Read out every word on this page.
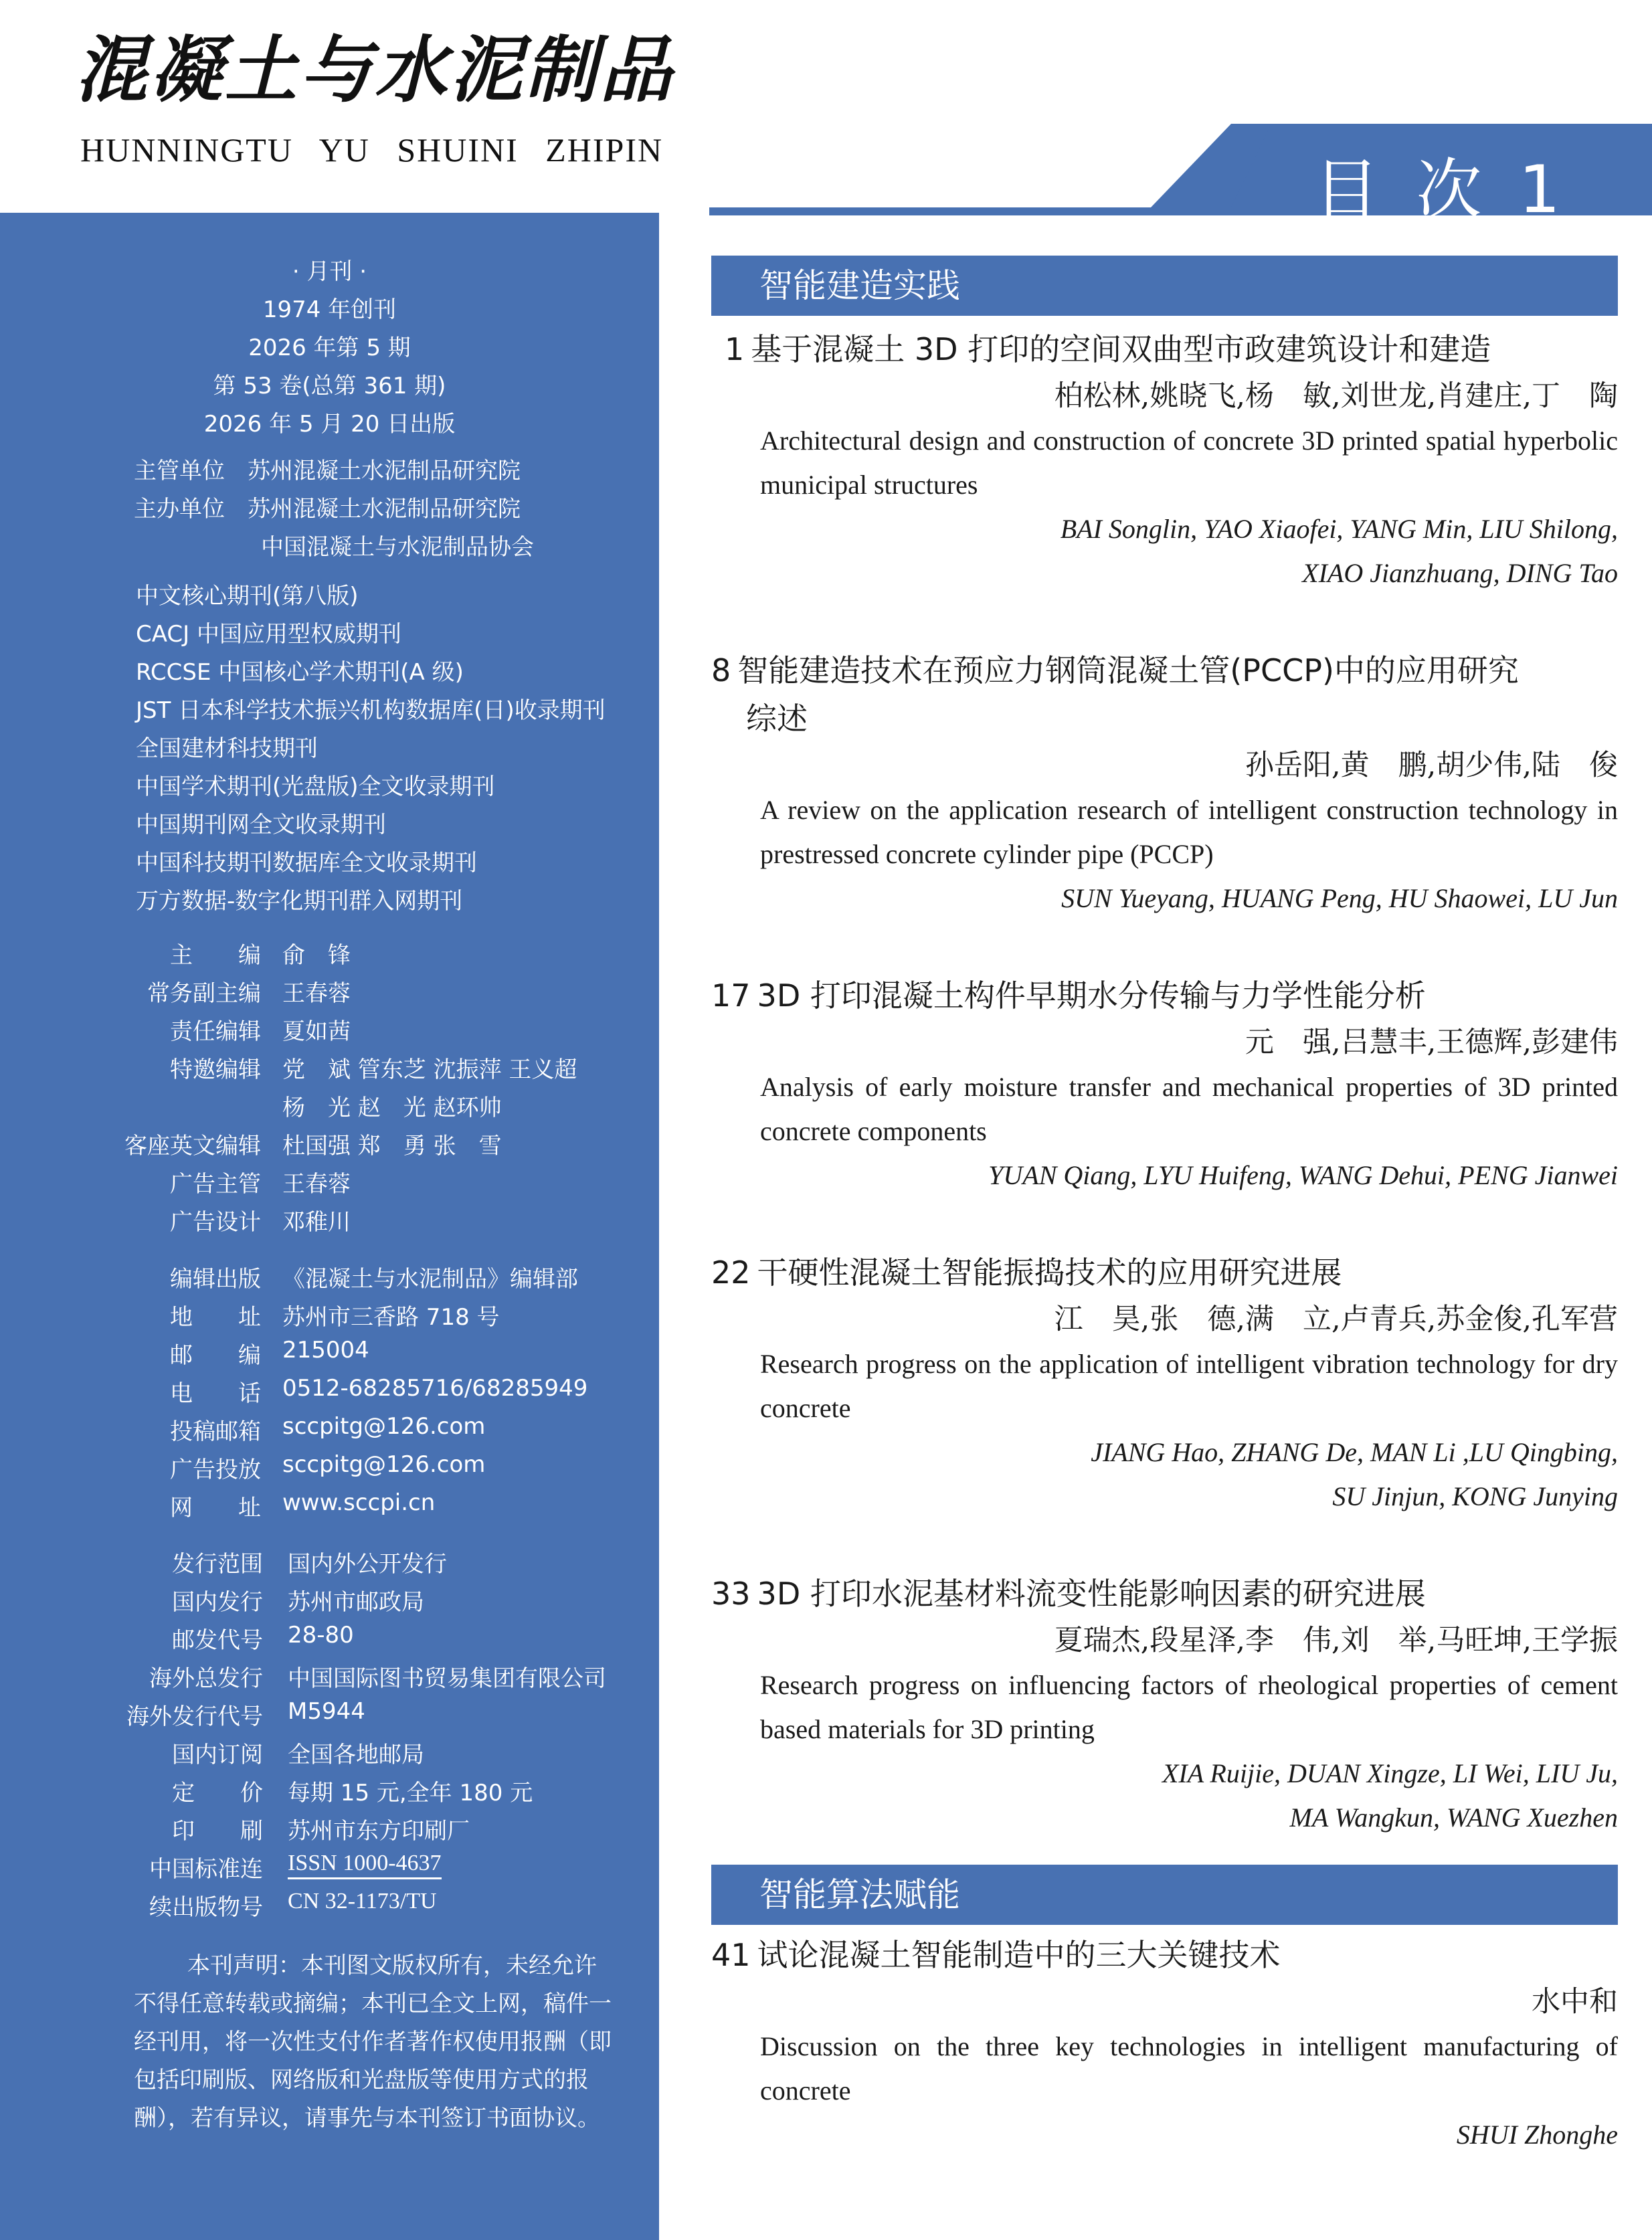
混凝土与水泥制品
HUNNINGTU YU SHUINI ZHIPIN
目 次 1
· 月刊 ·
1974 年创刊
2026 年第 5 期
第 53 卷(总第 361 期)
2026 年 5 月 20 日出版
主管单位　 苏州混凝土水泥制品研究院
主办单位　 苏州混凝土水泥制品研究院
中国混凝土与水泥制品协会
中文核心期刊(第八版)
CACJ 中国应用型权威期刊
RCCSE 中国核心学术期刊(A 级)
JST 日本科学技术振兴机构数据库(日)收录期刊
全国建材科技期刊
中国学术期刊(光盘版)全文收录期刊
中国期刊网全文收录期刊
中国科技期刊数据库全文收录期刊
万方数据-数字化期刊群入网期刊
主　　编 俞　锋
常务副主编 王春蓉
责任编辑 夏如茜
特邀编辑 党　斌 管东芝 沈振萍 王义超
杨　光 赵　光 赵环帅
客座英文编辑 杜国强 郑　勇 张　雪
广告主管 王春蓉
广告设计 邓稚川
编辑出版 《混凝土与水泥制品》编辑部
地　　址 苏州市三香路 718 号
邮　　编 215004
电　　话 0512-68285716/68285949
投稿邮箱 sccpitg@126.com
广告投放 sccpitg@126.com
网　　址 www.sccpi.cn
发行范围 国内外公开发行
国内发行 苏州市邮政局
邮发代号 28-80
海外总发行 中国国际图书贸易集团有限公司
海外发行代号 M5944
国内订阅 全国各地邮局
定　　价 每期 15 元,全年 180 元
印　　刷 苏州市东方印刷厂
中国标准连 ISSN 1000-4637
续出版物号 CN 32-1173/TU
本刊声明：本刊图文版权所有，未经允许不得任意转载或摘编；本刊已全文上网，稿件一经刊用，将一次性支付作者著作权使用报酬（即包括印刷版、网络版和光盘版等使用方式的报酬），若有异议，请事先与本刊签订书面协议。
智能建造实践
1 基于混凝土 3D 打印的空间双曲型市政建筑设计和建造
柏松林,姚晓飞,杨　敏,刘世龙,肖建庄,丁　陶
Architectural design and construction of concrete 3D printed spatial hyperbolic municipal structures
BAI Songlin, YAO Xiaofei, YANG Min, LIU Shilong,
XIAO Jianzhuang, DING Tao
8 智能建造技术在预应力钢筒混凝土管(PCCP)中的应用研究
综述
孙岳阳,黄　鹏,胡少伟,陆　俊
A review on the application research of intelligent construction technology in prestressed concrete cylinder pipe (PCCP)
SUN Yueyang, HUANG Peng, HU Shaowei, LU Jun
17 3D 打印混凝土构件早期水分传输与力学性能分析
元　强,吕慧丰,王德辉,彭建伟
Analysis of early moisture transfer and mechanical properties of 3D printed concrete components
YUAN Qiang, LYU Huifeng, WANG Dehui, PENG Jianwei
22 干硬性混凝土智能振捣技术的应用研究进展
江　昊,张　德,满　立,卢青兵,苏金俊,孔军营
Research progress on the application of intelligent vibration technology for dry concrete
JIANG Hao, ZHANG De, MAN Li ,LU Qingbing,
SU Jinjun, KONG Junying
33 3D 打印水泥基材料流变性能影响因素的研究进展
夏瑞杰,段星泽,李　伟,刘　举,马旺坤,王学振
Research progress on influencing factors of rheological properties of cement based materials for 3D printing
XIA Ruijie, DUAN Xingze, LI Wei, LIU Ju,
MA Wangkun, WANG Xuezhen
智能算法赋能
41 试论混凝土智能制造中的三大关键技术
水中和
Discussion on the three key technologies in intelligent manufacturing of concrete
SHUI Zhonghe
